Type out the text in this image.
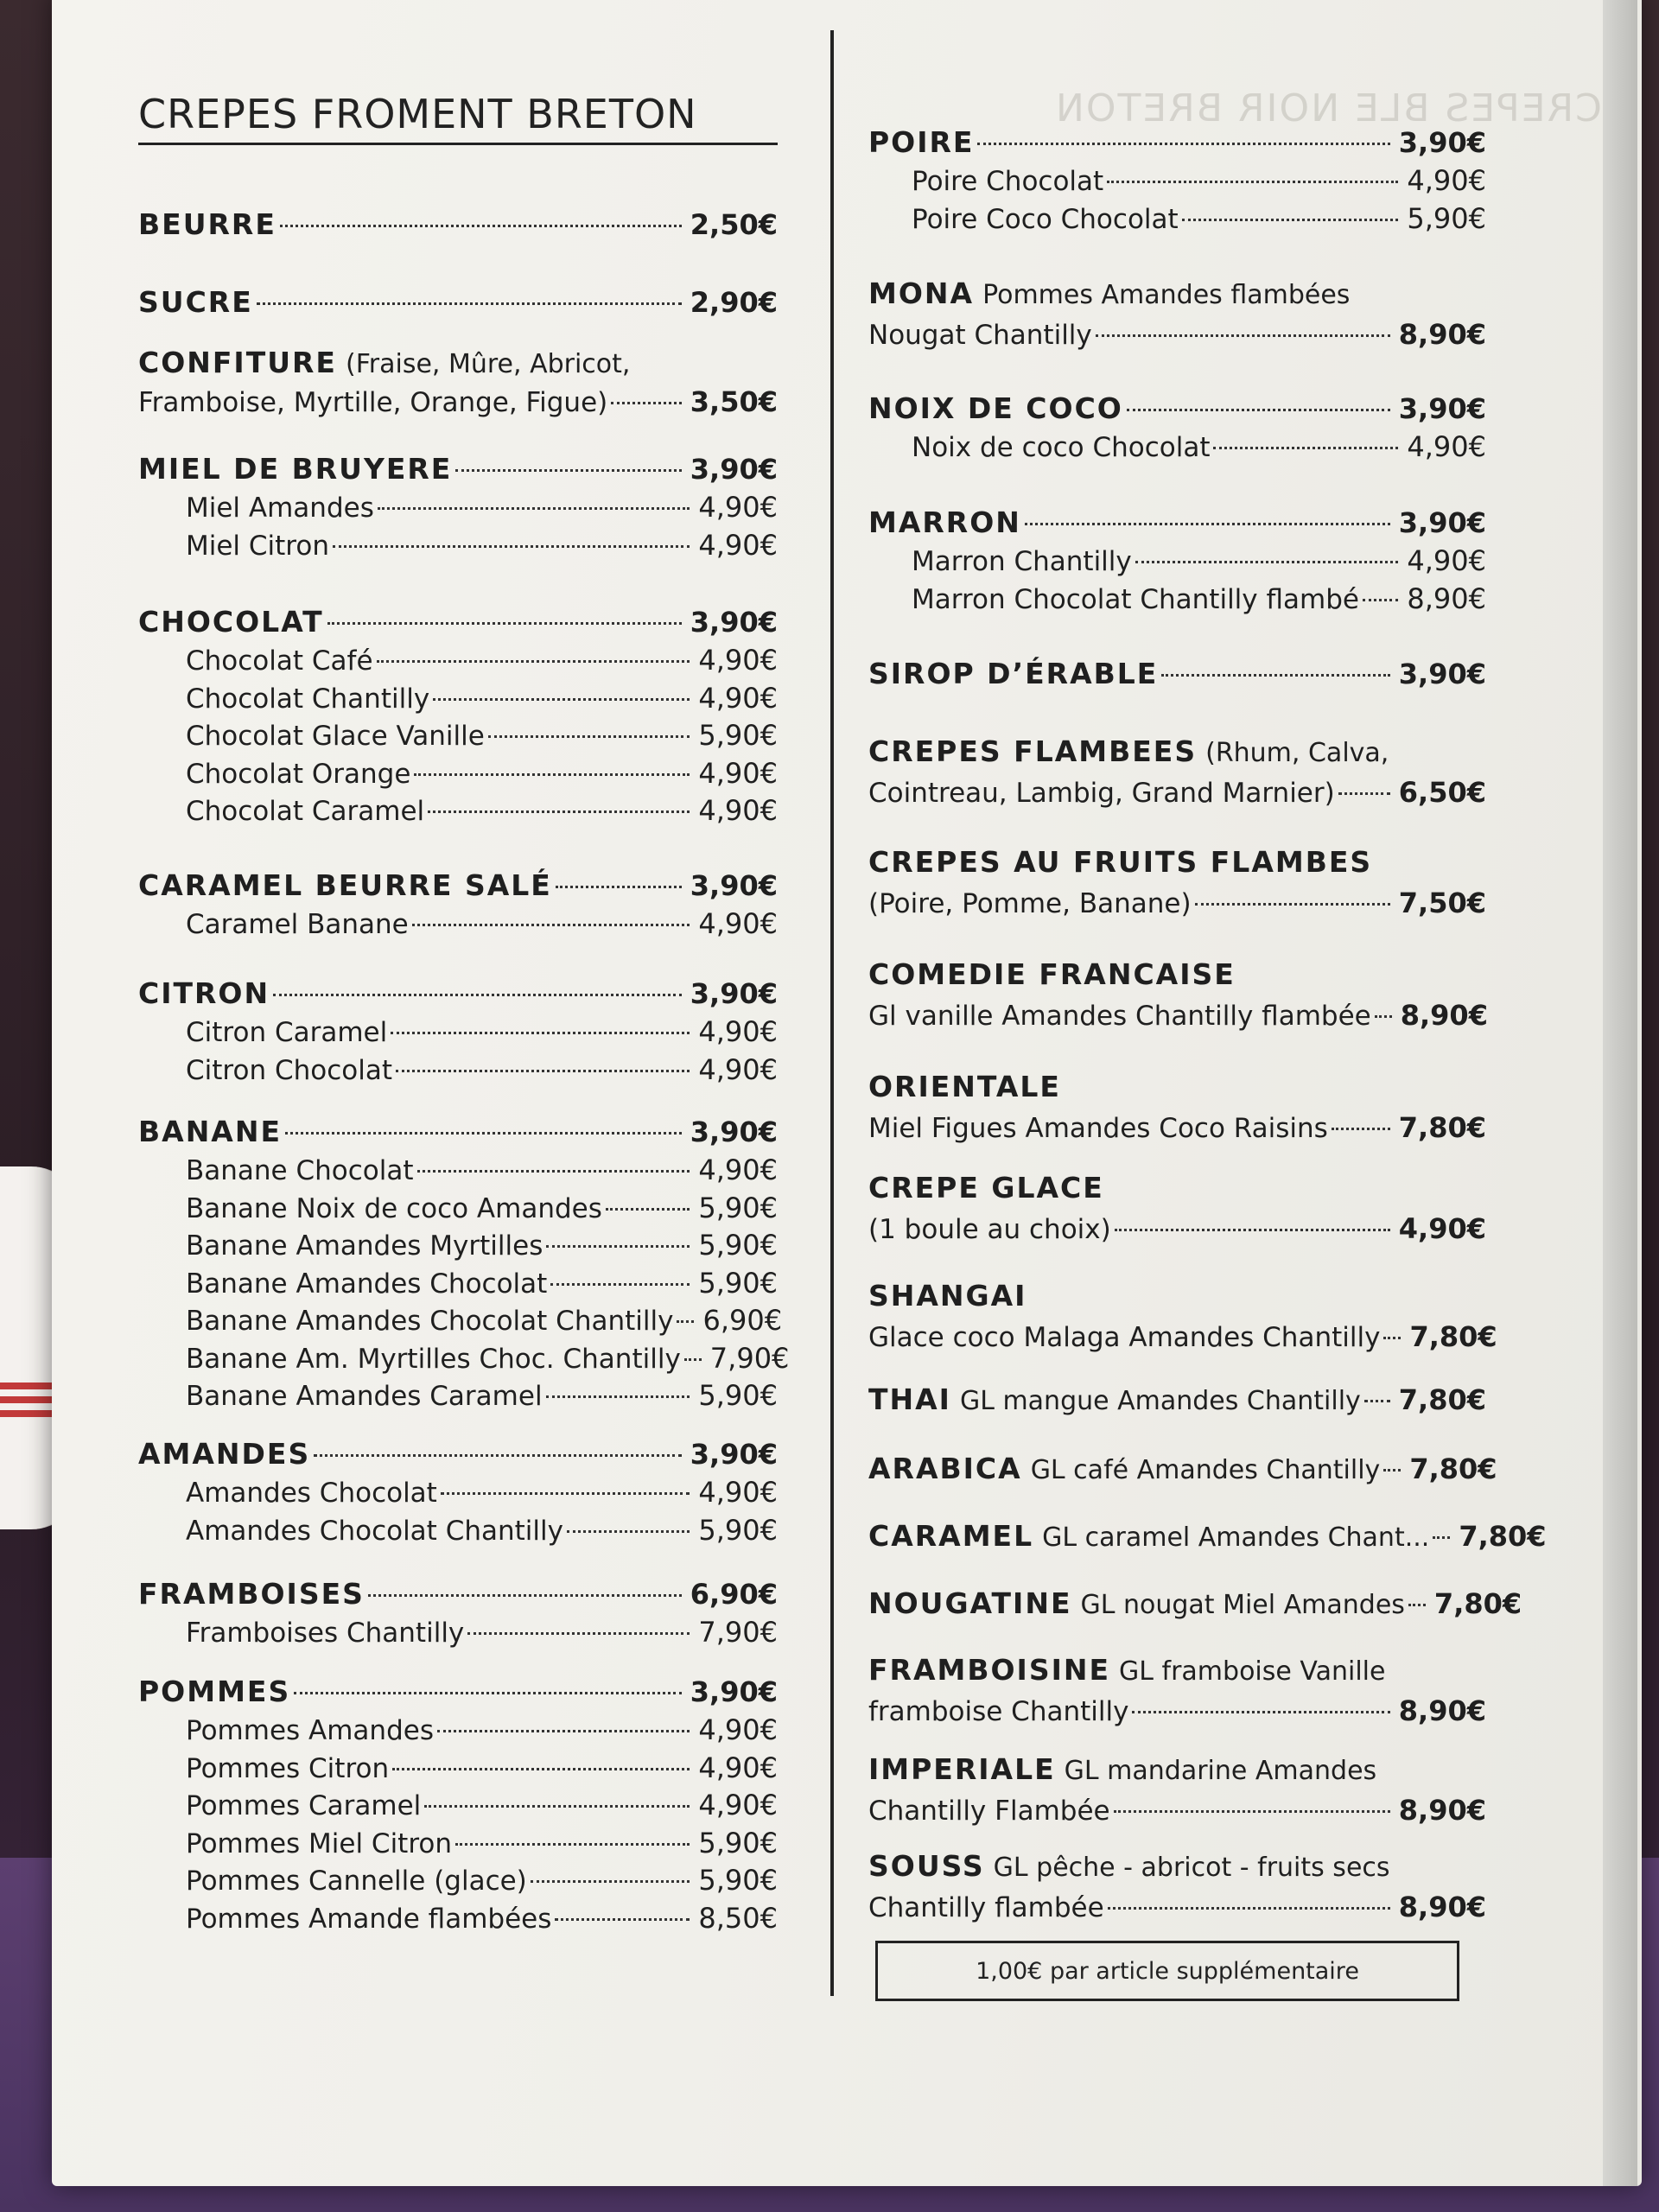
CREPES BLE NOIR BRETON
CREPES FROMENT BRETON
BEURRE	2,50€
SUCRE	2,90€
CONFITURE (Fraise, Mûre, Abricot,
Framboise, Myrtille, Orange, Figue)	3,50€
MIEL DE BRUYERE	3,90€
Miel Amandes	4,90€
Miel Citron	4,90€
CHOCOLAT	3,90€
Chocolat Café	4,90€
Chocolat Chantilly	4,90€
Chocolat Glace Vanille	5,90€
Chocolat Orange	4,90€
Chocolat Caramel	4,90€
CARAMEL BEURRE SALÉ	3,90€
Caramel Banane	4,90€
CITRON	3,90€
Citron Caramel	4,90€
Citron Chocolat	4,90€
BANANE	3,90€
Banane Chocolat	4,90€
Banane Noix de coco Amandes	5,90€
Banane Amandes Myrtilles	5,90€
Banane Amandes Chocolat	5,90€
Banane Amandes Chocolat Chantilly 6,90€
Banane Am. Myrtilles Choc. Chantilly 7,90€
Banane Amandes Caramel	5,90€
AMANDES	3,90€
Amandes Chocolat	4,90€
Amandes Chocolat Chantilly	5,90€
FRAMBOISES	6,90€
Framboises Chantilly	7,90€
POMMES	3,90€
Pommes Amandes	4,90€
Pommes Citron	4,90€
Pommes Caramel	4,90€
Pommes Miel Citron	5,90€
Pommes Cannelle (glace)	5,90€
Pommes Amande flambées	8,50€
POIRE	3,90€
Poire Chocolat	4,90€
Poire Coco Chocolat	5,90€
MONA Pommes Amandes flambées
Nougat Chantilly	8,90€
NOIX DE COCO	3,90€
Noix de coco Chocolat	4,90€
MARRON	3,90€
Marron Chantilly	4,90€
Marron Chocolat Chantilly flambé 8,90€
SIROP D’ÉRABLE	3,90€
CREPES FLAMBEES (Rhum, Calva,
Cointreau, Lambig, Grand Marnier) 6,50€
CREPES AU FRUITS FLAMBES
(Poire, Pomme, Banane)	7,50€
COMEDIE FRANCAISE
Gl vanille Amandes Chantilly flambée 8,90€
ORIENTALE
Miel Figues Amandes Coco Raisins	7,80€
CREPE GLACE
(1 boule au choix)	4,90€
SHANGAI
Glace coco Malaga Amandes Chantilly 7,80€
THAI GL mangue Amandes Chantilly 7,80€
ARABICA GL café Amandes Chantilly 7,80€
CARAMEL GL caramel Amandes Chant... 7,80€
NOUGATINE GL nougat Miel Amandes 7,80€
FRAMBOISINE GL framboise Vanille
framboise Chantilly	8,90€
IMPERIALE GL mandarine Amandes
Chantilly Flambée	8,90€
SOUSS GL pêche - abricot - fruits secs
Chantilly flambée	8,90€
1,00€ par article supplémentaire
